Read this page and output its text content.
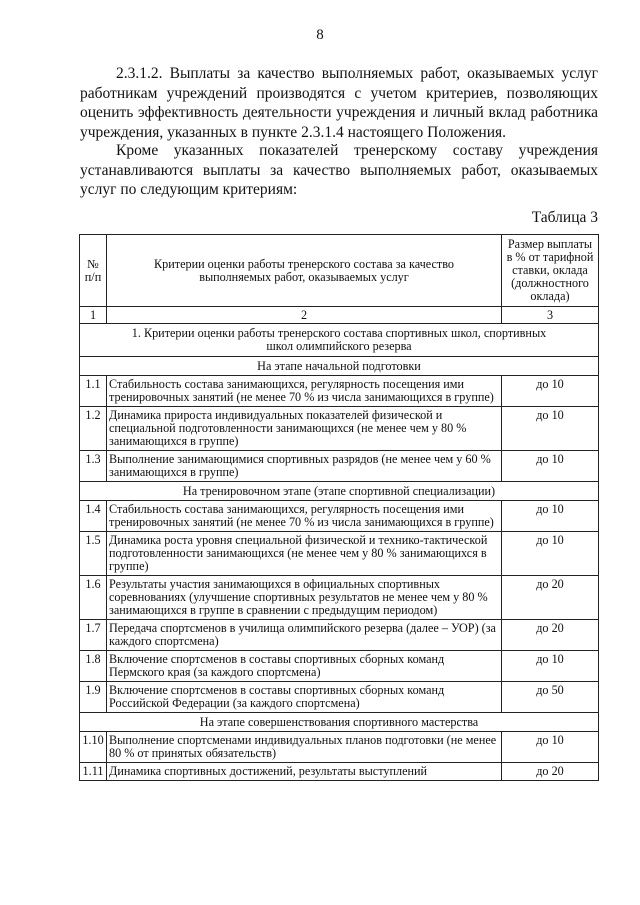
8

2.3.1.2. Выплаты за качество выполняемых работ, оказываемых услуг работникам учреждений производятся с учетом критериев, позволяющих оценить эффективность деятельности учреждения и личный вклад работника учреждения, указанных в пункте 2.3.1.4 настоящего Положения.

Кроме указанных показателей тренерскому составу учреждения устанавливаются выплаты за качество выполняемых работ, оказываемых услуг по следующим критериям:

Таблица 3
№ п/п	Критерии оценки работы тренерского состава за качество выполняемых работ, оказываемых услуг	Размер выплаты в % от тарифной ставки, оклада (должностного оклада)
1	2	3
1. Критерии оценки работы тренерского состава спортивных школ, спортивных школ олимпийского резерва		
На этапе начальной подготовки		
1.1	Стабильность состава занимающихся, регулярность посещения ими тренировочных занятий (не менее 70 % из числа занимающихся в группе)	до 10
1.2	Динамика прироста индивидуальных показателей физической и специальной подготовленности занимающихся (не менее чем у 80 % занимающихся в группе)	до 10
1.3	Выполнение занимающимися спортивных разрядов (не менее чем у 60 % занимающихся в группе)	до 10
На тренировочном этапе (этапе спортивной специализации)		
1.4	Стабильность состава занимающихся, регулярность посещения ими тренировочных занятий (не менее 70 % из числа занимающихся в группе)	до 10
1.5	Динамика роста уровня специальной физической и технико-тактической подготовленности занимающихся (не менее чем у 80 % занимающихся в группе)	до 10
1.6	Результаты участия занимающихся в официальных спортивных соревнованиях (улучшение спортивных результатов не менее чем у 80 % занимающихся в группе в сравнении с предыдущим периодом)	до 20
1.7	Передача спортсменов в училища олимпийского резерва (далее – УОР) (за каждого спортсмена)	до 20
1.8	Включение спортсменов в составы спортивных сборных команд Пермского края (за каждого спортсмена)	до 10
1.9	Включение спортсменов в составы спортивных сборных команд Российской Федерации (за каждого спортсмена)	до 50
На этапе совершенствования спортивного мастерства		
1.10	Выполнение спортсменами индивидуальных планов подготовки (не менее 80 % от принятых обязательств)	до 10
1.11	Динамика спортивных достижений, результаты выступлений	до 20
